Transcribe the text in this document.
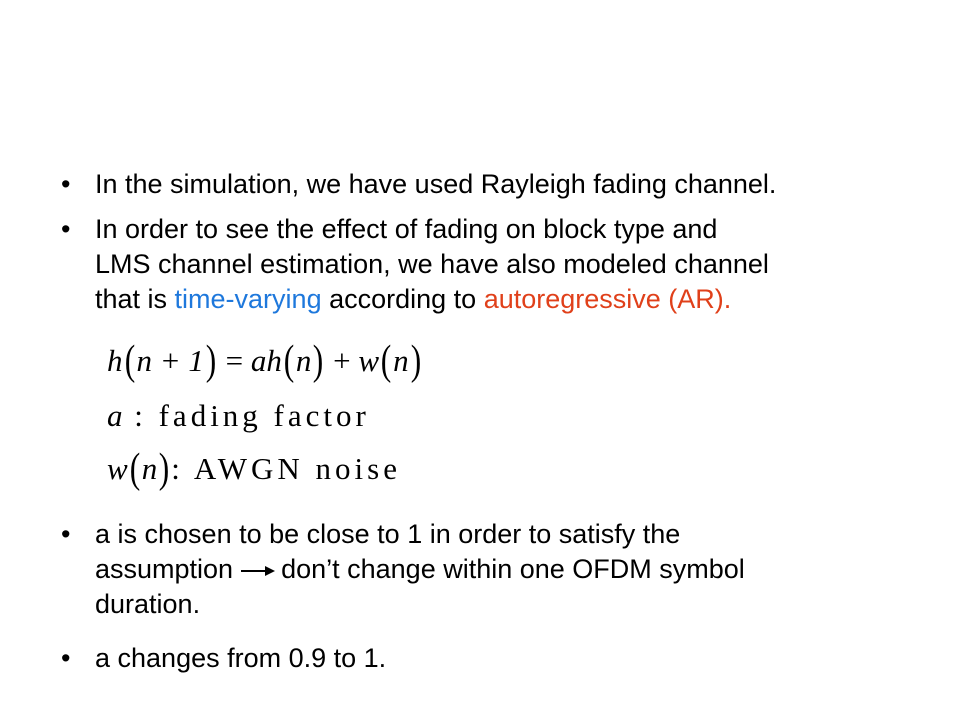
• In the simulation, we have used Rayleigh fading channel.
• In order to see the effect of fading on block type and
LMS channel estimation, we have also modeled channel
that is time-varying according to autoregressive (AR).
h(n + 1) = ah(n) + w(n)
a : fading factor
w(n): AWGN noise
• a is chosen to be close to 1 in order to satisfy the
assumption don’t change within one OFDM symbol
duration.
• a changes from 0.9 to 1.
